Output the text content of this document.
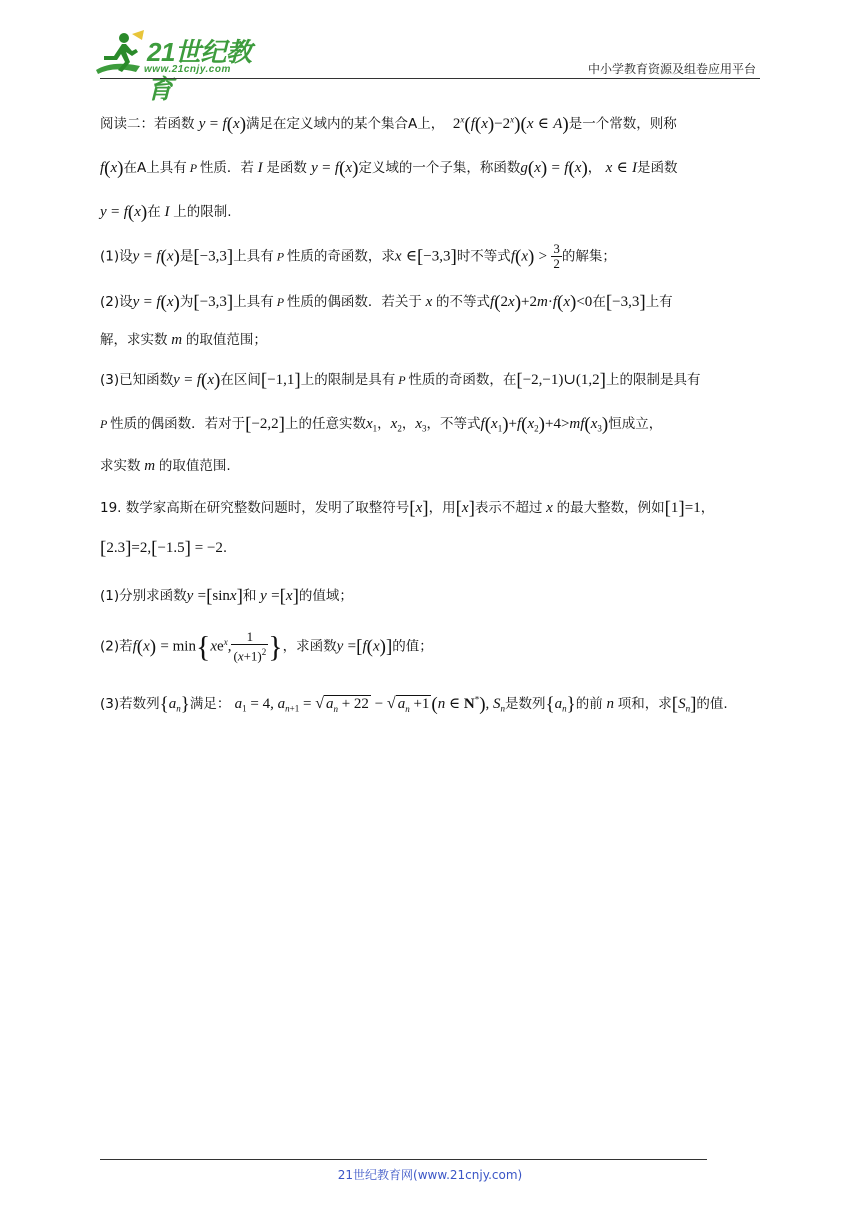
21世纪教育
www.21cnjy.com	中小学教育资源及组卷应用平台
阅读二：若函数 y = f(x)满足在定义域内的某个集合A上， $2^x(f(x)-2^x)(x$ ∈ A)是一个常数，则称
f(x)在A上具有 P 性质．若 I 是函数 y = f(x)定义域的一个子集，称函数g(x) = f(x)， x ∈ I是函数
y = f(x)在 I 上的限制.
(1)设y = f(x)是[−3,3]上具有 P 性质的奇函数，求x ∈[−3,3]时不等式$f(x) > \frac{3}{2}$ 的解集；
(2)设y = f(x)为[−3,3]上具有 P 性质的偶函数．若关于 x 的不等式f(2x)+2m·f(x)<0在[−3,3]上有
解，求实数 m 的取值范围；
(3)已知函数y = f(x)在区间[−1,1]上的限制是具有 P 性质的奇函数，在[−2,−1)∪(1,2]上的限制是具有
P 性质的偶函数．若对于[−2,2]上的任意实数$x_1$，$x_2$，$x_3$，不等式$f(x_1)+f(x_2)+4>mf(x_3)$恒成立，
求实数 m 的取值范围.
19. 数学家高斯在研究整数问题时，发明了取整符号[x]，用[x]表示不超过 x 的最大整数，例如[1]=1，
[2.3]=2,[−1.5] = −2.
(1)分别求函数y =[sinx]和 y =[x]的值域；
(2)若$f(x) = \min\{xe^x$, $\frac{1}{(x+1)^2}$ }，求函数y =[f(x)]的值；
(3)若数列$\{a_n\}$满足： $a_1 = 4$, $a_{n+1}$ = √ $a_n + 22$ − √ $a_n +1$ (n ∈ N*), $S_n$是数列$\{a_n\}$的前 n 项和，求$[S_n]$的值.
21世纪教育网(www.21cnjy.com)
